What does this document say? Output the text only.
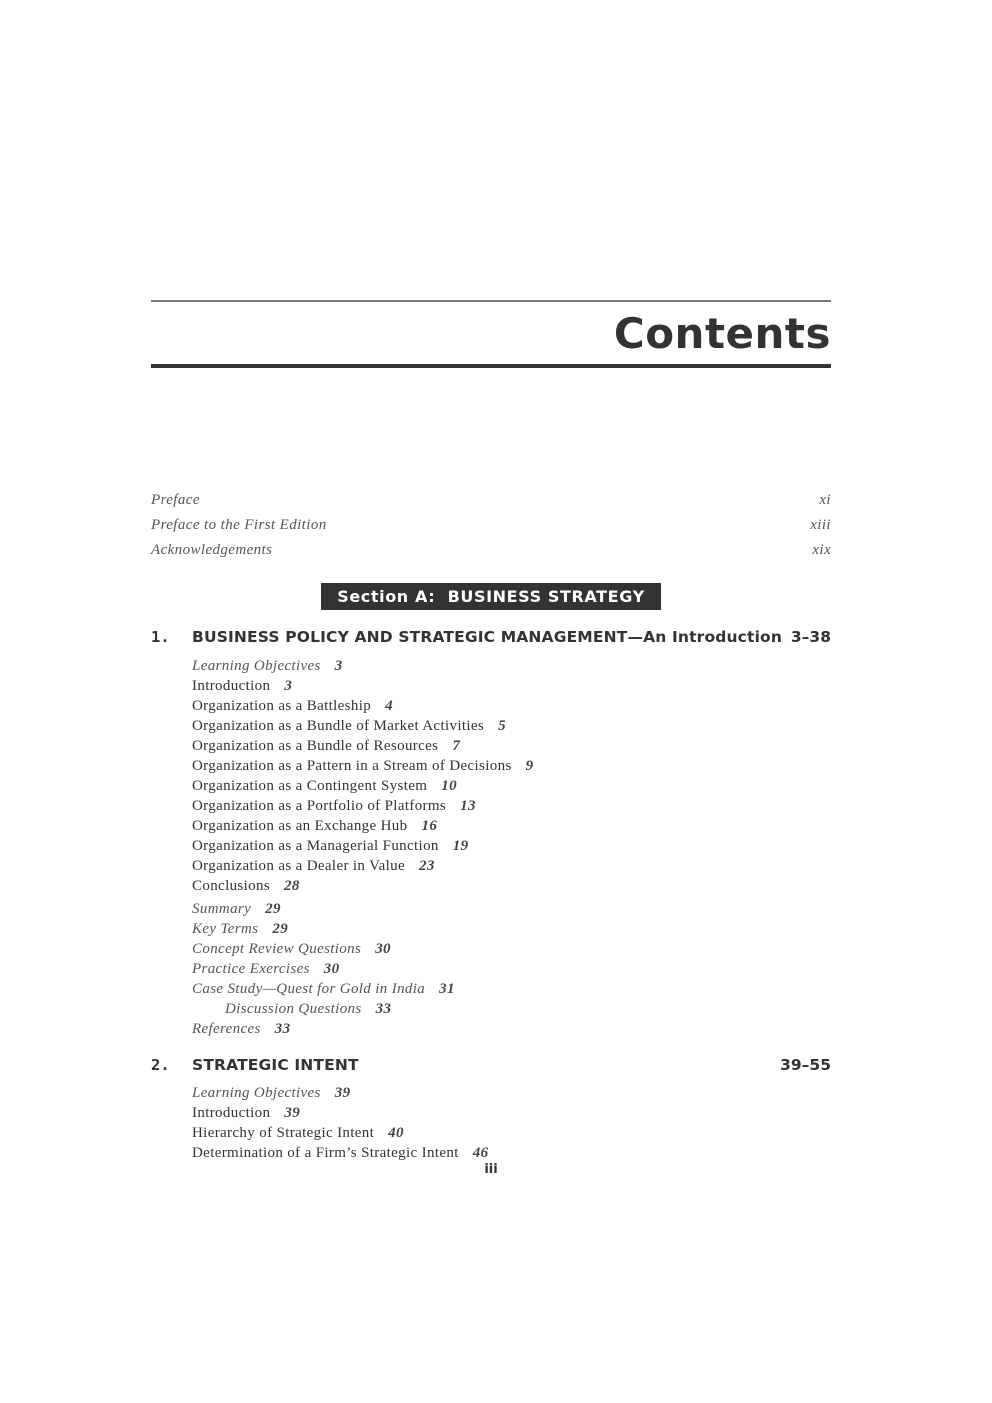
Contents
Preface	xi
Preface to the First Edition	xiii
Acknowledgements	xix
Section A:  BUSINESS STRATEGY
1.	BUSINESS POLICY AND STRATEGIC MANAGEMENT—An Introduction 3–38
Learning Objectives 3
Introduction 3
Organization as a Battleship 4
Organization as a Bundle of Market Activities 5
Organization as a Bundle of Resources 7
Organization as a Pattern in a Stream of Decisions 9
Organization as a Contingent System 10
Organization as a Portfolio of Platforms 13
Organization as an Exchange Hub 16
Organization as a Managerial Function 19
Organization as a Dealer in Value 23
Conclusions 28
Summary 29
Key Terms 29
Concept Review Questions 30
Practice Exercises 30
Case Study—Quest for Gold in India 31
Discussion Questions 33
References 33
2.	STRATEGIC INTENT	39–55
Learning Objectives 39
Introduction 39
Hierarchy of Strategic Intent 40
Determination of a Firm’s Strategic Intent 46
iii
